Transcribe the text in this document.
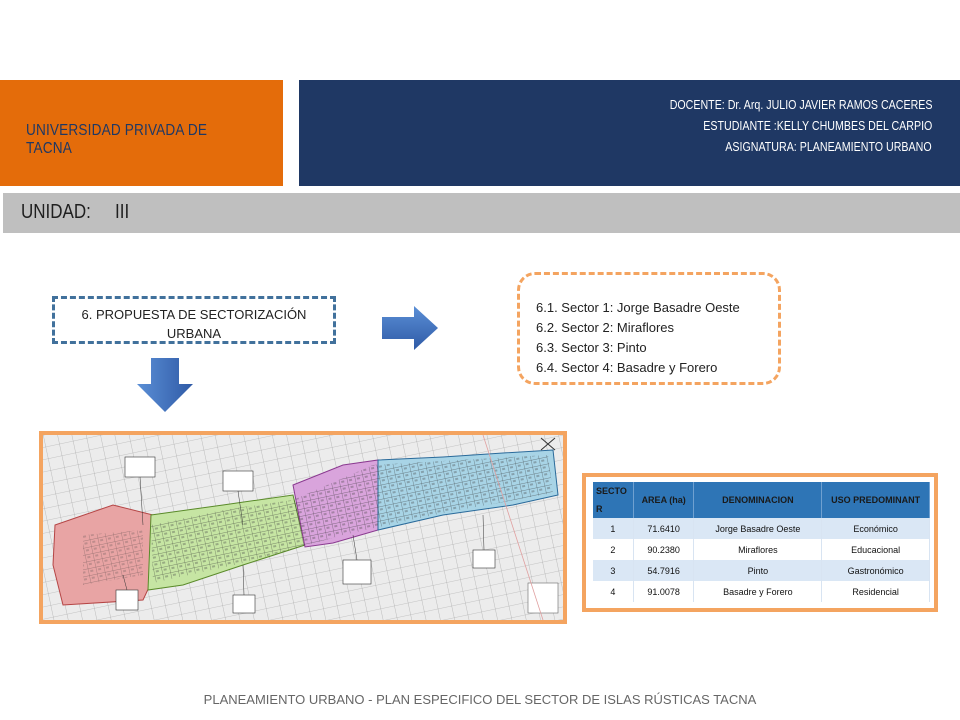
UNIVERSIDAD PRIVADA DE TACNA
DOCENTE: Dr. Arq. JULIO JAVIER RAMOS CACERES
ESTUDIANTE :KELLY CHUMBES DEL CARPIO
ASIGNATURA: PLANEAMIENTO URBANO
UNIDAD: III
6. PROPUESTA DE SECTORIZACIÓN
URBANA
6.1. Sector 1: Jorge Basadre Oeste
6.2. Sector 2: Miraflores
6.3. Sector 3: Pinto
6.4. Sector 4: Basadre y Forero
SECTO R	AREA (ha)	DENOMINACION	USO PREDOMINANT
1	71.6410	Jorge Basadre Oeste	Económico
2	90.2380	Miraflores	Educacional
3	54.7916	Pinto	Gastronómico
4	91.0078	Basadre y Forero	Residencial
PLANEAMIENTO URBANO - PLAN ESPECIFICO DEL SECTOR DE ISLAS RÚSTICAS TACNA
